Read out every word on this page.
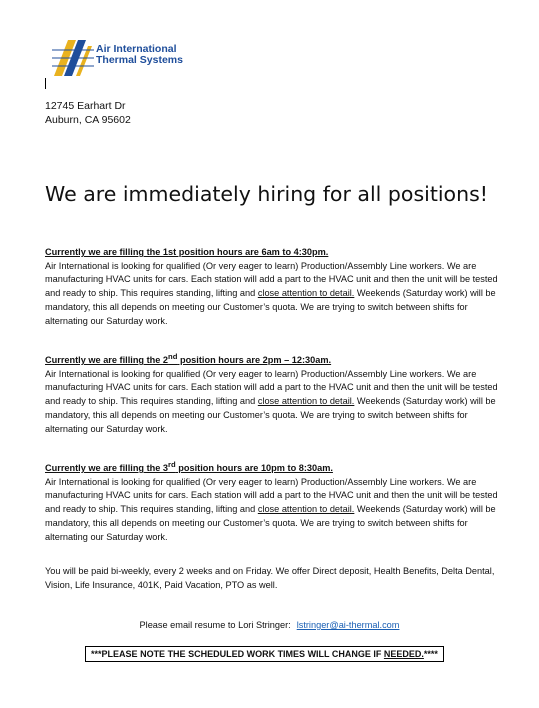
Air International
Thermal Systems
12745 Earhart Dr
Auburn, CA 95602
We are immediately hiring for all positions!
Currently we are filling the 1st position hours are 6am to 4:30pm.

Air International is looking for qualified (Or very eager to learn) Production/Assembly Line workers. We are manufacturing HVAC units for cars. Each station will add a part to the HVAC unit and then the unit will be tested and ready to ship. This requires standing, lifting and close attention to detail. Weekends (Saturday work) will be mandatory, this all depends on meeting our Customer’s quota. We are trying to switch between shifts for alternating our Saturday work.

Currently we are filling the 2nd position hours are 2pm – 12:30am.

Air International is looking for qualified (Or very eager to learn) Production/Assembly Line workers. We are manufacturing HVAC units for cars. Each station will add a part to the HVAC unit and then the unit will be tested and ready to ship. This requires standing, lifting and close attention to detail. Weekends (Saturday work) will be mandatory, this all depends on meeting our Customer’s quota. We are trying to switch between shifts for alternating our Saturday work.

Currently we are filling the 3rd position hours are 10pm to 8:30am.

Air International is looking for qualified (Or very eager to learn) Production/Assembly Line workers. We are manufacturing HVAC units for cars. Each station will add a part to the HVAC unit and then the unit will be tested and ready to ship. This requires standing, lifting and close attention to detail. Weekends (Saturday work) will be mandatory, this all depends on meeting our Customer’s quota. We are trying to switch between shifts for alternating our Saturday work.

You will be paid bi-weekly, every 2 weeks and on Friday. We offer Direct deposit, Health Benefits, Delta Dental, Vision, Life Insurance, 401K, Paid Vacation, PTO as well.
Please email resume to Lori Stringer: lstringer@ai-thermal.com
***PLEASE NOTE THE SCHEDULED WORK TIMES WILL CHANGE IF NEEDED.****
